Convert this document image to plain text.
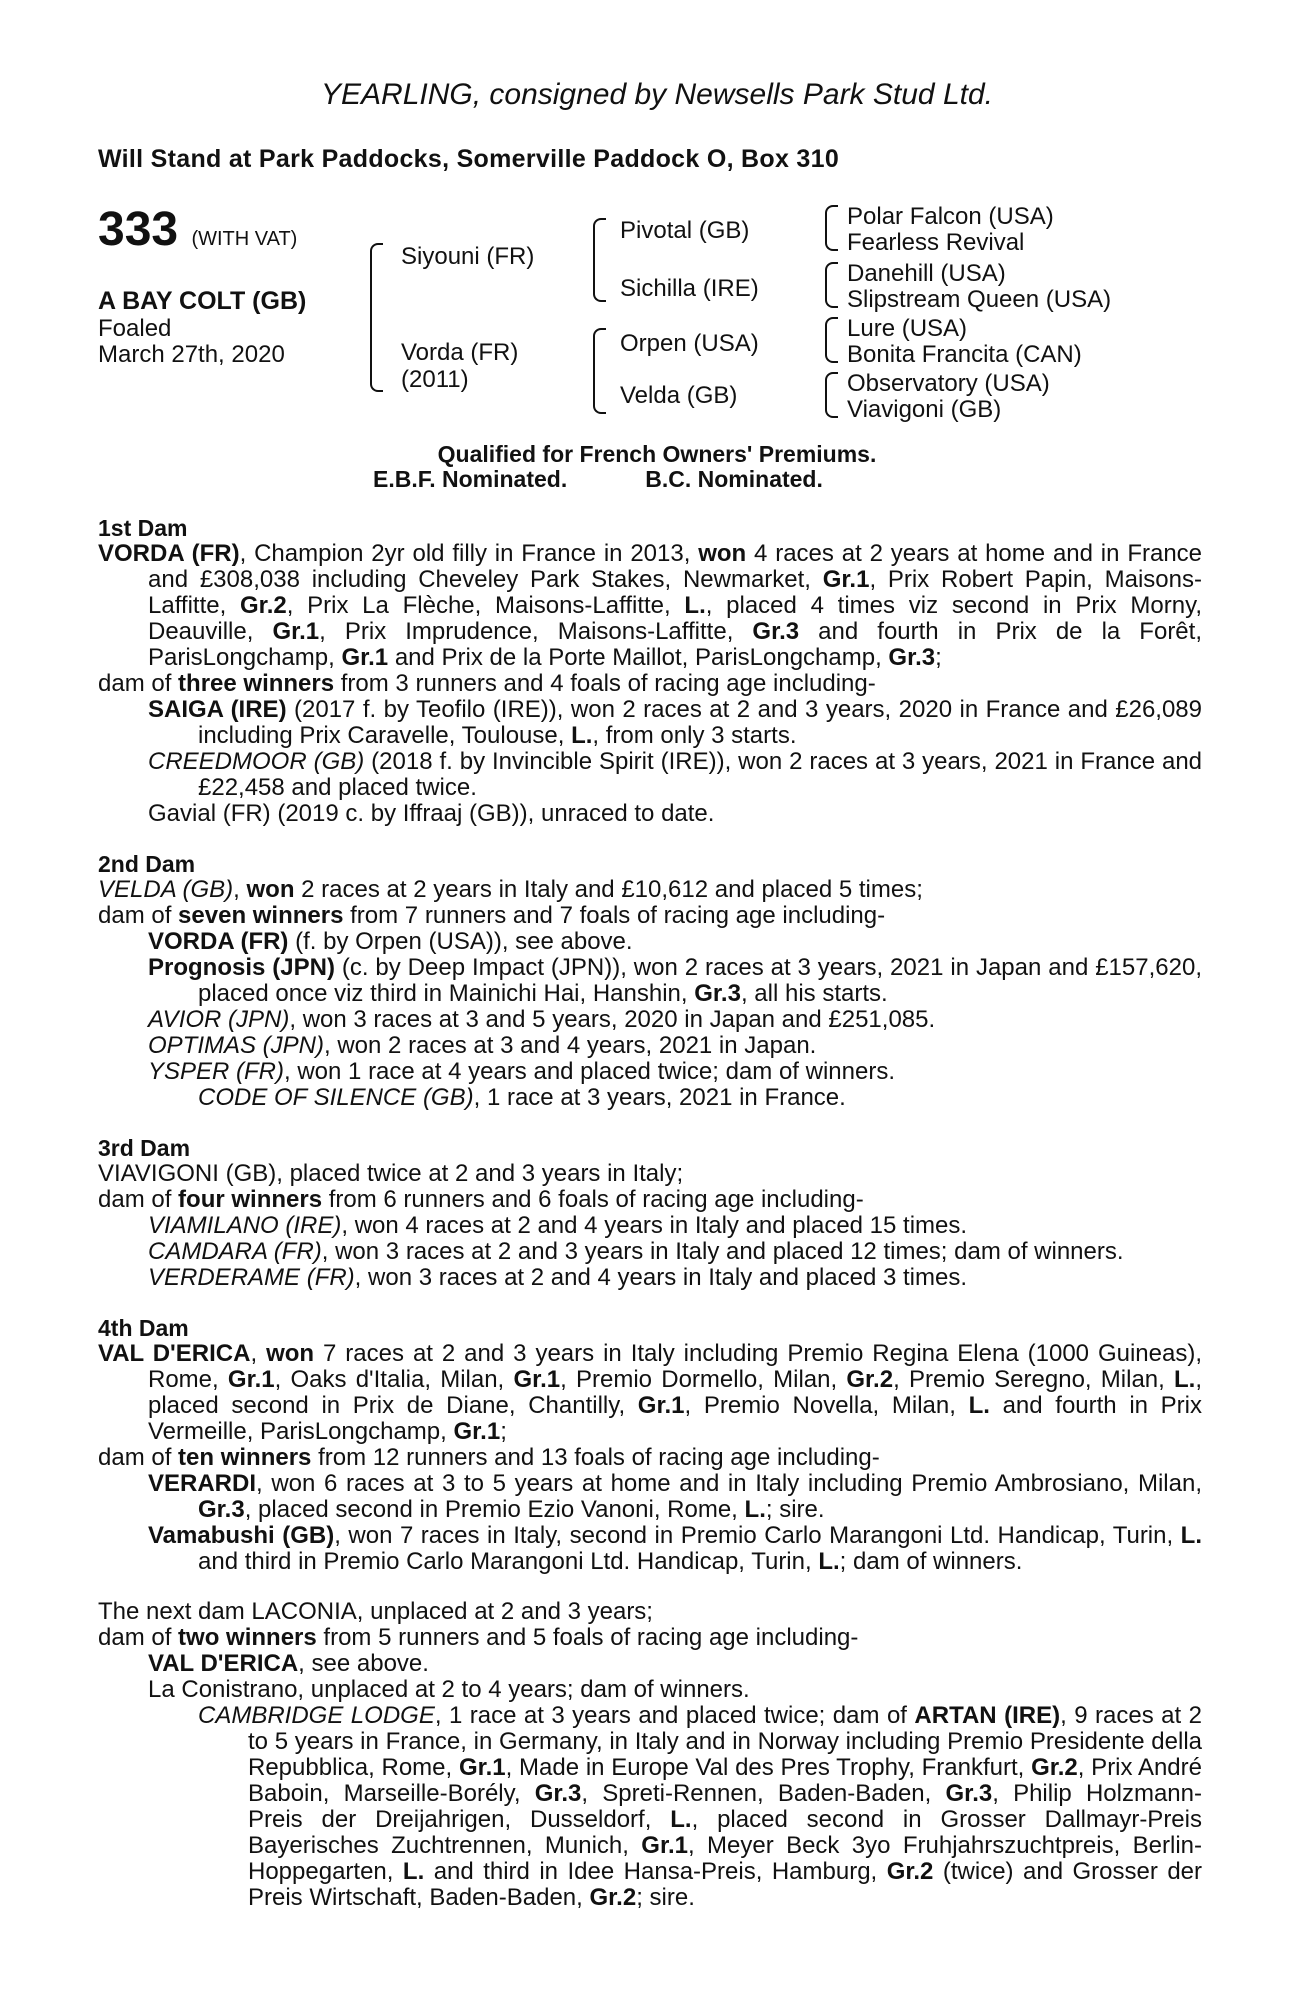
YEARLING, consigned by Newsells Park Stud Ltd.
Will Stand at Park Paddocks, Somerville Paddock O, Box 310
333 (WITH VAT)
A BAY COLT (GB)
Foaled
March 27th, 2020
Siyouni (FR)
Vorda (FR)
(2011)
Pivotal (GB)
Sichilla (IRE)
Orpen (USA)
Velda (GB)
Polar Falcon (USA)
Fearless Revival
Danehill (USA)
Slipstream Queen (USA)
Lure (USA)
Bonita Francita (CAN)
Observatory (USA)
Viavigoni (GB)
Qualified for French Owners' Premiums.
E.B.F. Nominated.	B.C. Nominated.
1st Dam

VORDA (FR), Champion 2yr old filly in France in 2013, won 4 races at 2 years at home and in France and £308,038 including Cheveley Park Stakes, Newmarket, Gr.1, Prix Robert Papin, Maisons-Laffitte, Gr.2, Prix La Flèche, Maisons-Laffitte, L., placed 4 times viz second in Prix Morny, Deauville, Gr.1, Prix Imprudence, Maisons-Laffitte, Gr.3 and fourth in Prix de la Forêt, ParisLongchamp, Gr.1 and Prix de la Porte Maillot, ParisLongchamp, Gr.3;

dam of three winners from 3 runners and 4 foals of racing age including-

SAIGA (IRE) (2017 f. by Teofilo (IRE)), won 2 races at 2 and 3 years, 2020 in France and £26,089 including Prix Caravelle, Toulouse, L., from only 3 starts.

CREEDMOOR (GB) (2018 f. by Invincible Spirit (IRE)), won 2 races at 3 years, 2021 in France and £22,458 and placed twice.

Gavial (FR) (2019 c. by Iffraaj (GB)), unraced to date.

2nd Dam

VELDA (GB), won 2 races at 2 years in Italy and £10,612 and placed 5 times;

dam of seven winners from 7 runners and 7 foals of racing age including-

VORDA (FR) (f. by Orpen (USA)), see above.

Prognosis (JPN) (c. by Deep Impact (JPN)), won 2 races at 3 years, 2021 in Japan and £157,620, placed once viz third in Mainichi Hai, Hanshin, Gr.3, all his starts.

AVIOR (JPN), won 3 races at 3 and 5 years, 2020 in Japan and £251,085.

OPTIMAS (JPN), won 2 races at 3 and 4 years, 2021 in Japan.

YSPER (FR), won 1 race at 4 years and placed twice; dam of winners.

CODE OF SILENCE (GB), 1 race at 3 years, 2021 in France.

3rd Dam

VIAVIGONI (GB), placed twice at 2 and 3 years in Italy;

dam of four winners from 6 runners and 6 foals of racing age including-

VIAMILANO (IRE), won 4 races at 2 and 4 years in Italy and placed 15 times.

CAMDARA (FR), won 3 races at 2 and 3 years in Italy and placed 12 times; dam of winners.

VERDERAME (FR), won 3 races at 2 and 4 years in Italy and placed 3 times.

4th Dam

VAL D'ERICA, won 7 races at 2 and 3 years in Italy including Premio Regina Elena (1000 Guineas), Rome, Gr.1, Oaks d'Italia, Milan, Gr.1, Premio Dormello, Milan, Gr.2, Premio Seregno, Milan, L., placed second in Prix de Diane, Chantilly, Gr.1, Premio Novella, Milan, L. and fourth in Prix Vermeille, ParisLongchamp, Gr.1;

dam of ten winners from 12 runners and 13 foals of racing age including-

VERARDI, won 6 races at 3 to 5 years at home and in Italy including Premio Ambrosiano, Milan, Gr.3, placed second in Premio Ezio Vanoni, Rome, L.; sire.

Vamabushi (GB), won 7 races in Italy, second in Premio Carlo Marangoni Ltd. Handicap, Turin, L. and third in Premio Carlo Marangoni Ltd. Handicap, Turin, L.; dam of winners.

The next dam LACONIA, unplaced at 2 and 3 years;

dam of two winners from 5 runners and 5 foals of racing age including-

VAL D'ERICA, see above.

La Conistrano, unplaced at 2 to 4 years; dam of winners.

CAMBRIDGE LODGE, 1 race at 3 years and placed twice; dam of ARTAN (IRE), 9 races at 2 to 5 years in France, in Germany, in Italy and in Norway including Premio Presidente della Repubblica, Rome, Gr.1, Made in Europe Val des Pres Trophy, Frankfurt, Gr.2, Prix André Baboin, Marseille-Borély, Gr.3, Spreti-Rennen, Baden-Baden, Gr.3, Philip Holzmann-Preis der Dreijahrigen, Dusseldorf, L., placed second in Grosser Dallmayr-Preis Bayerisches Zuchtrennen, Munich, Gr.1, Meyer Beck 3yo Fruhjahrszuchtpreis, Berlin-Hoppegarten, L. and third in Idee Hansa-Preis, Hamburg, Gr.2 (twice) and Grosser der Preis Wirtschaft, Baden-Baden, Gr.2; sire.
